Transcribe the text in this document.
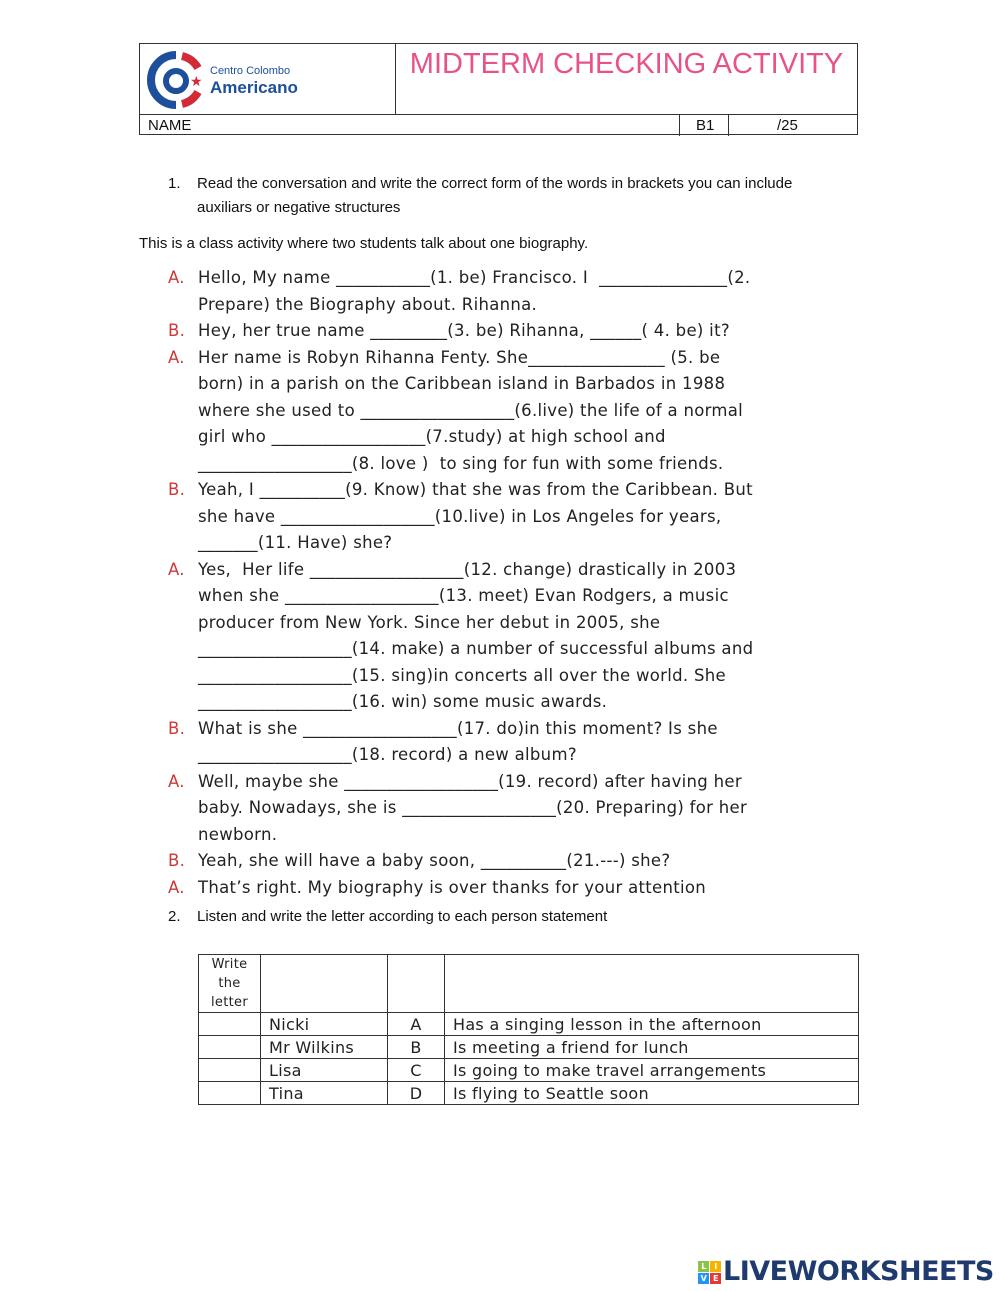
★
Centro Colombo
Americano
MIDTERM CHECKING ACTIVITY
NAME	B1	/25
1. Read the conversation and write the correct form of the words in brackets you can include
auxiliars or negative structures
This is a class activity where two students talk about one biography.
A. Hello, My name ___________(1. be) Francisco. I  _______________(2.
Prepare) the Biography about. Rihanna.
B. Hey, her true name _________(3. be) Rihanna, ______( 4. be) it?
A. Her name is Robyn Rihanna Fenty. She________________ (5. be
born) in a parish on the Caribbean island in Barbados in 1988
where she used to __________________(6.live) the life of a normal
girl who __________________(7.study) at high school and
__________________(8. love )  to sing for fun with some friends.
B. Yeah, I __________(9. Know) that she was from the Caribbean. But
she have __________________(10.live) in Los Angeles for years,
_______(11. Have) she?
A. Yes,  Her life __________________(12. change) drastically in 2003
when she __________________(13. meet) Evan Rodgers, a music
producer from New York. Since her debut in 2005, she
__________________(14. make) a number of successful albums and
__________________(15. sing)in concerts all over the world. She
__________________(16. win) some music awards.
B. What is she __________________(17. do)in this moment? Is she
__________________(18. record) a new album?
A. Well, maybe she __________________(19. record) after having her
baby. Nowadays, she is __________________(20. Preparing) for her
newborn.
B. Yeah, she will have a baby soon, __________(21.---) she?
A. That’s right. My biography is over thanks for your attention
2. Listen and write the letter according to each person statement
Write
the
letter			

	Nicki	A	Has a singing lesson in the afternoon
	Mr Wilkins	B	Is meeting a friend for lunch
	Lisa	C	Is going to make travel arrangements
	Tina	D	Is flying to Seattle soon
L	I
V E LIVEWORKSHEETS
